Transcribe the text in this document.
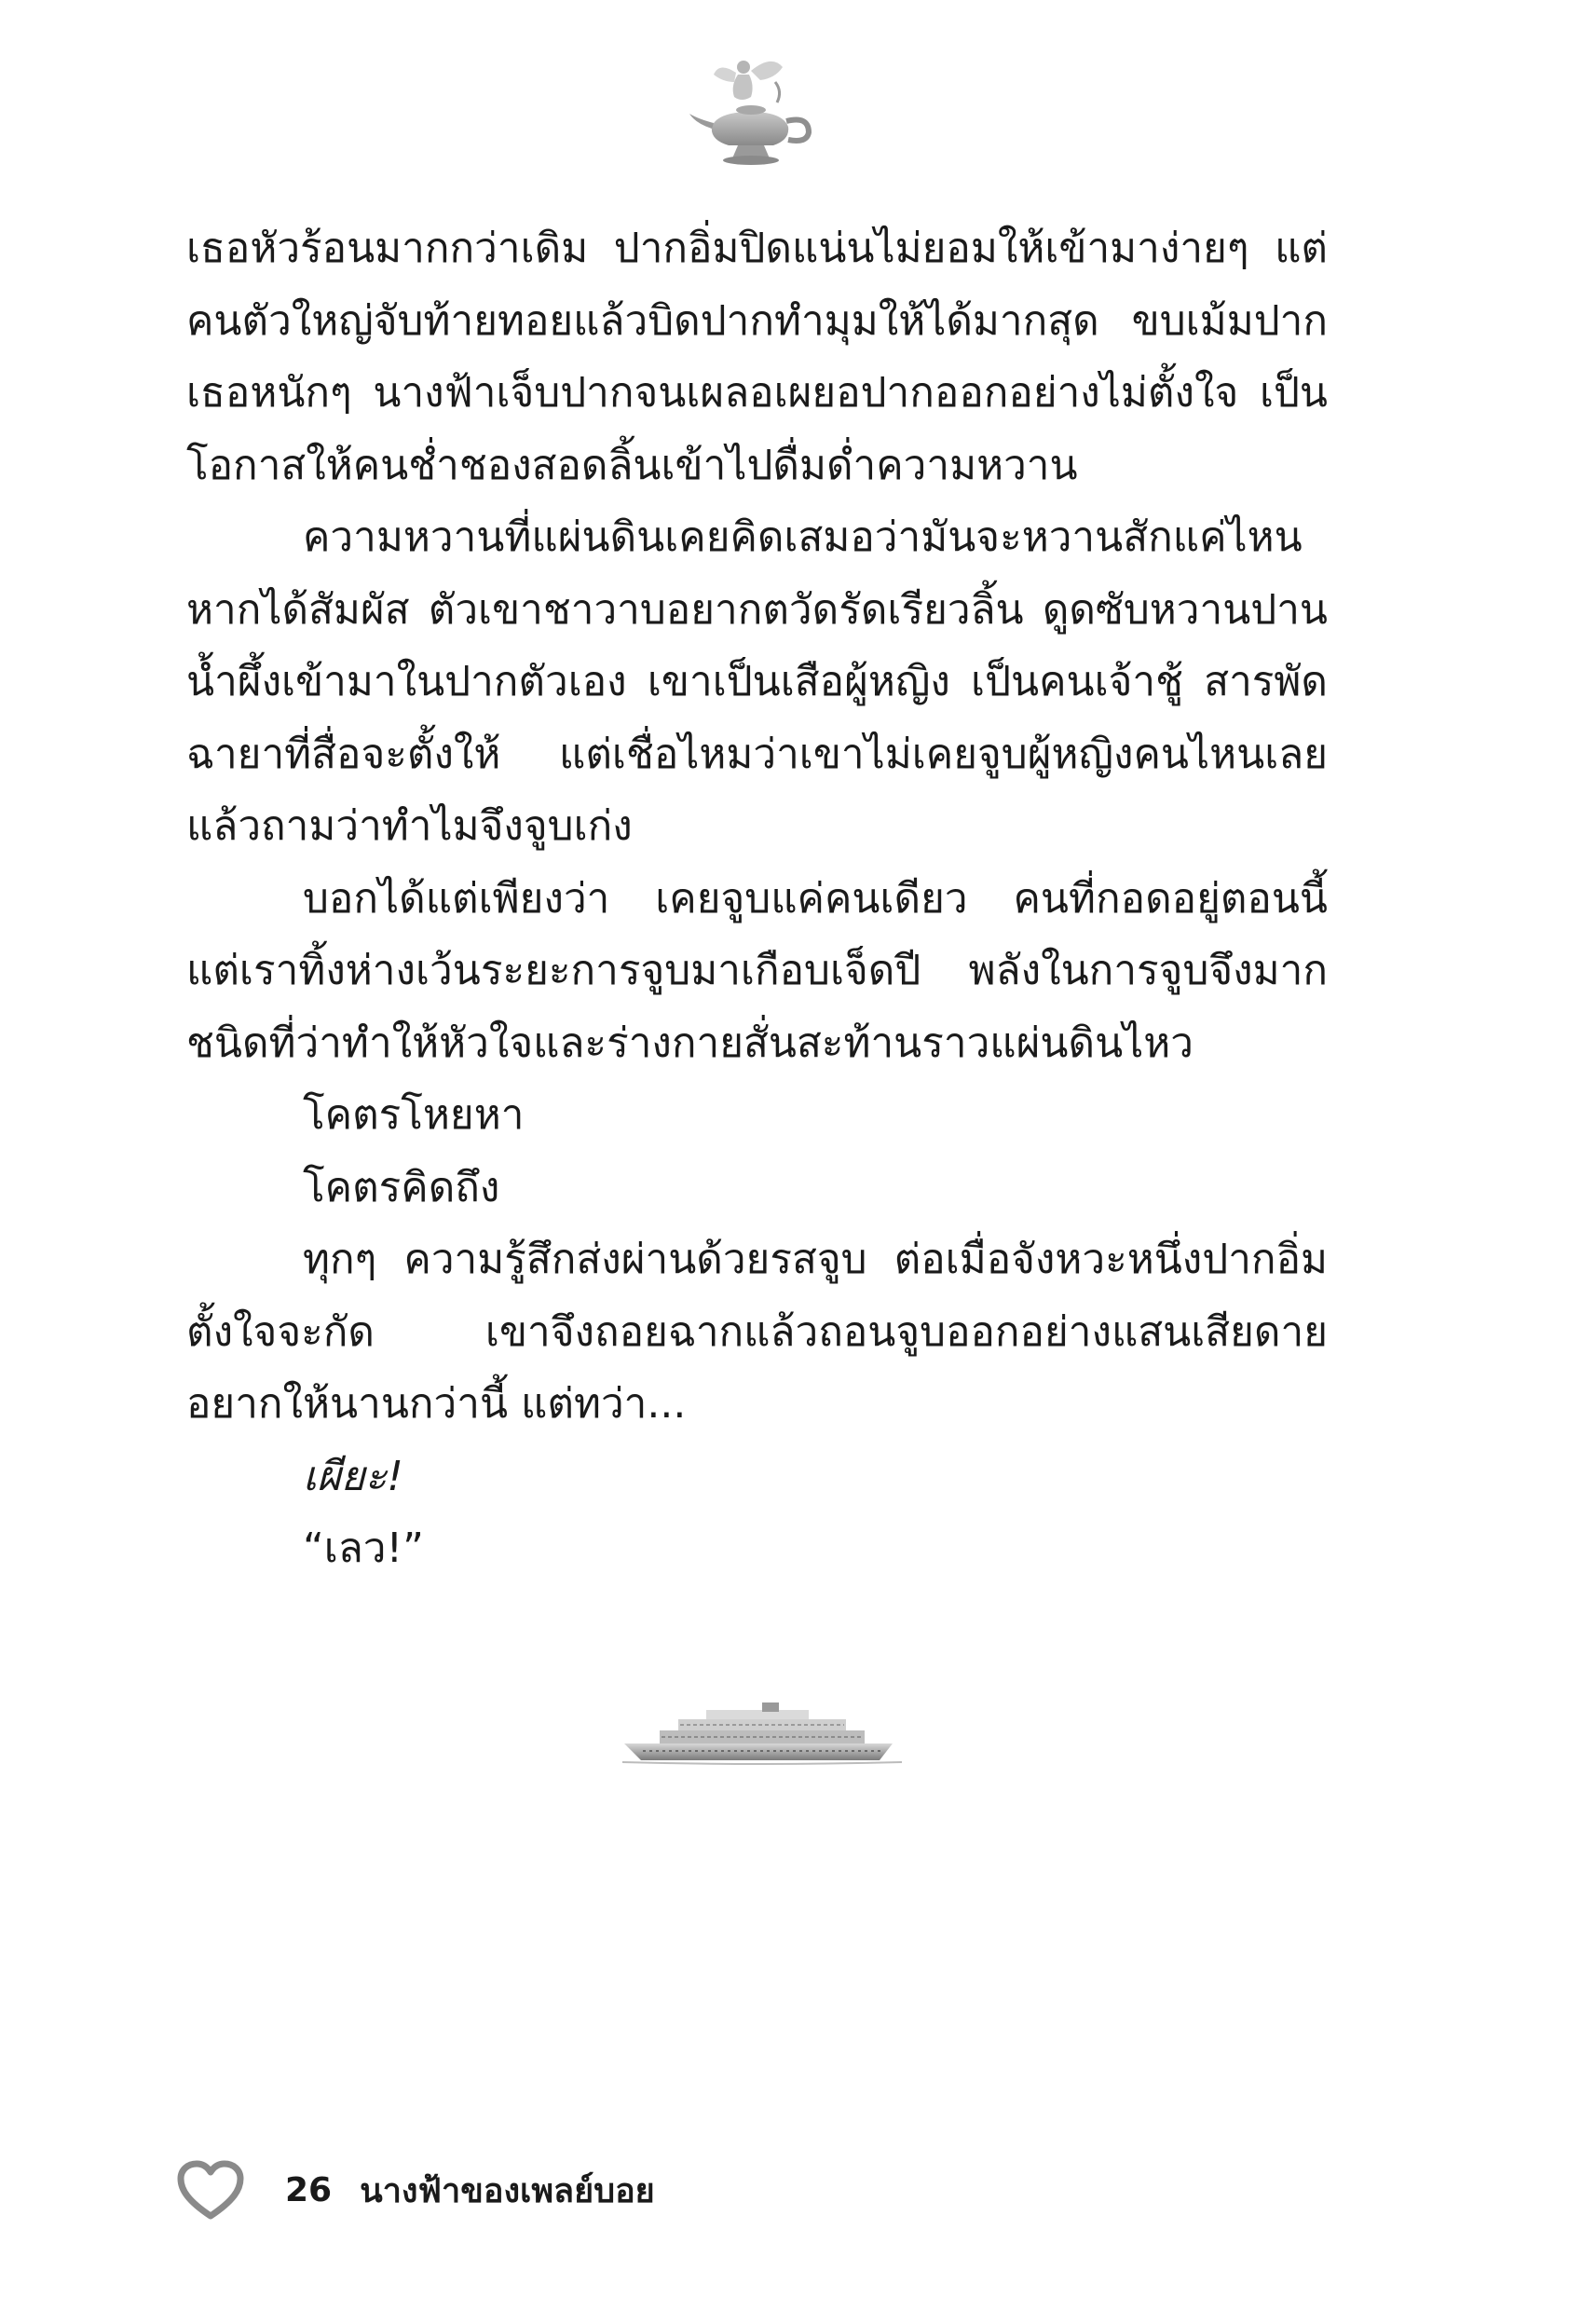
เธอหัวร้อนมากกว่าเดิม ปากอิ่มปิดแน่นไม่ยอมให้เข้ามาง่ายๆ แต่คนตัวใหญ่จับท้ายทอยแล้วบิดปากทำมุมให้ได้มากสุด ขบเม้มปากเธอหนักๆ นางฟ้าเจ็บปากจนเผลอเผยอปากออกอย่างไม่ตั้งใจ เป็นโอกาสให้คนช่ำชองสอดลิ้นเข้าไปดื่มด่ำความหวาน

ความหวานที่แผ่นดินเคยคิดเสมอว่ามันจะหวานสักแค่ไหนหากได้สัมผัส ตัวเขาชาวาบอยากตวัดรัดเรียวลิ้น ดูดซับหวานปานน้ำผึ้งเข้ามาในปากตัวเอง เขาเป็นเสือผู้หญิง เป็นคนเจ้าชู้ สารพัดฉายาที่สื่อจะตั้งให้ แต่เชื่อไหมว่าเขาไม่เคยจูบผู้หญิงคนไหนเลย แล้วถามว่าทำไมจึงจูบเก่ง

บอกได้แต่เพียงว่า เคยจูบแค่คนเดียว คนที่กอดอยู่ตอนนี้ แต่เราทิ้งห่างเว้นระยะการจูบมาเกือบเจ็ดปี พลังในการจูบจึงมากชนิดที่ว่าทำให้หัวใจและร่างกายสั่นสะท้านราวแผ่นดินไหว

โคตรโหยหา

โคตรคิดถึง

ทุกๆ ความรู้สึกส่งผ่านด้วยรสจูบ ต่อเมื่อจังหวะหนึ่งปากอิ่มตั้งใจจะกัด เขาจึงถอยฉากแล้วถอนจูบออกอย่างแสนเสียดาย อยากให้นานกว่านี้ แต่ทว่า...

เผียะ!

“เลว!”

26 นางฟ้าของเพลย์บอย
